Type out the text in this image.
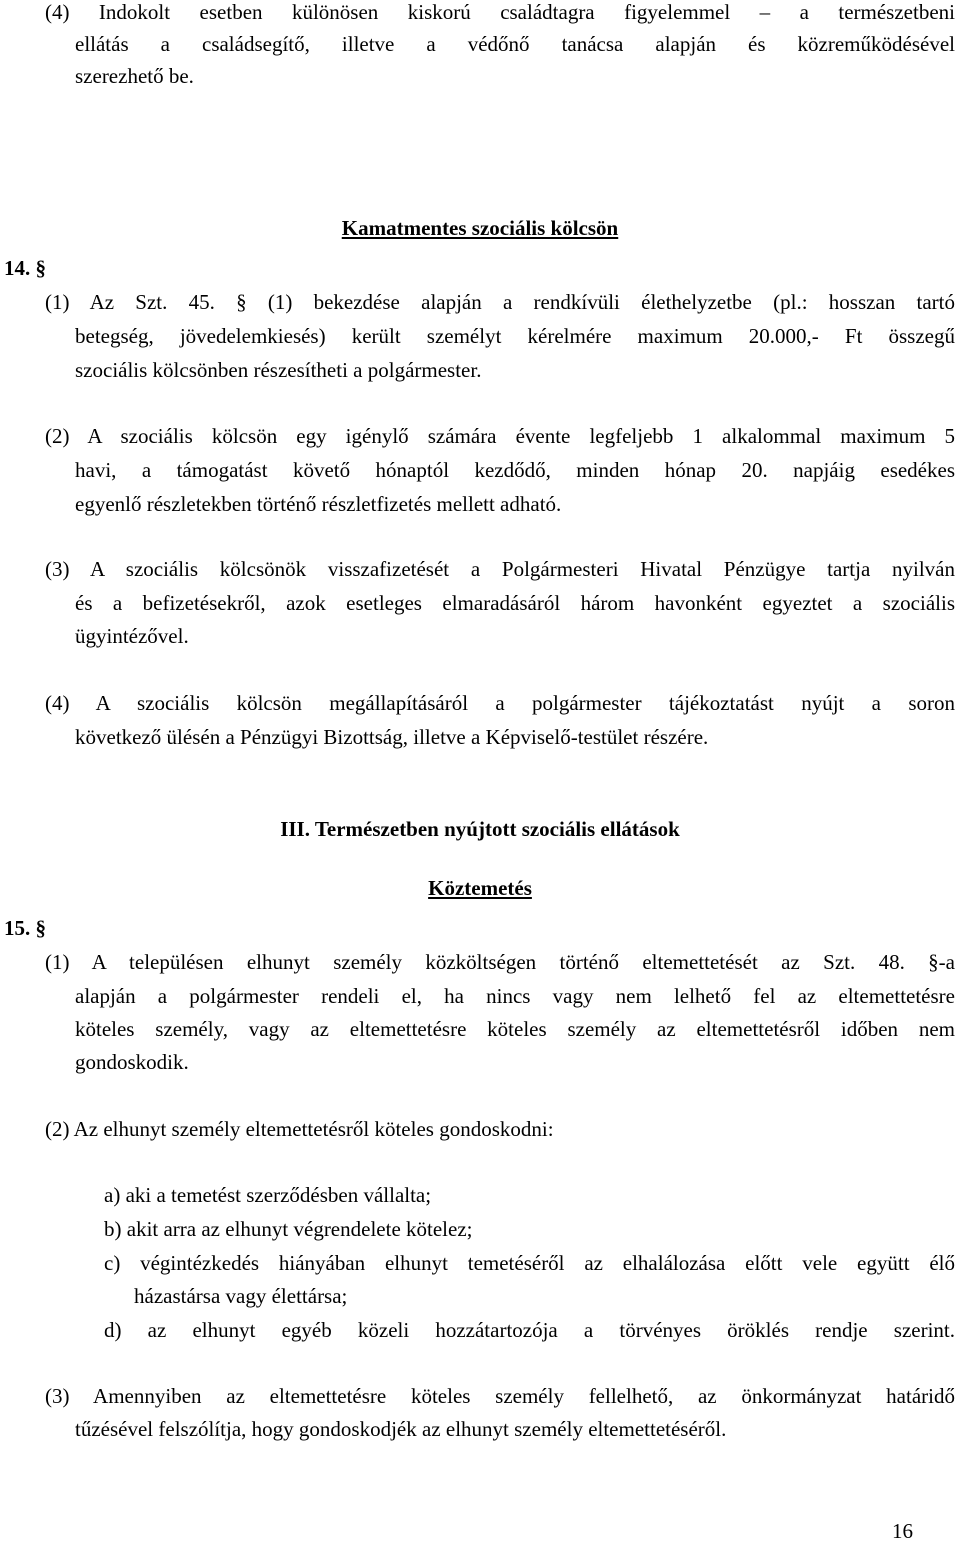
(4) Indokolt esetben különösen kiskorú családtagra figyelemmel – a természetbeni
ellátás a családsegítő, illetve a védőnő tanácsa alapján és közreműködésével
szerezhető be.
Kamatmentes szociális kölcsön
14. §
(1) Az Szt. 45. § (1) bekezdése alapján a rendkívüli élethelyzetbe (pl.: hosszan tartó
betegség, jövedelemkiesés) került személyt kérelmére maximum 20.000,- Ft összegű
szociális kölcsönben részesítheti a polgármester.
(2) A szociális kölcsön egy igénylő számára évente legfeljebb 1 alkalommal maximum 5
havi, a támogatást követő hónaptól kezdődő, minden hónap 20. napjáig esedékes
egyenlő részletekben történő részletfizetés mellett adható.
(3) A szociális kölcsönök visszafizetését a Polgármesteri Hivatal Pénzügye tartja nyilván
és a befizetésekről, azok esetleges elmaradásáról három havonként egyeztet a szociális
ügyintézővel.
(4) A szociális kölcsön megállapításáról a polgármester tájékoztatást nyújt a soron
következő ülésén a Pénzügyi Bizottság, illetve a Képviselő-testület részére.
III. Természetben nyújtott szociális ellátások
Köztemetés
15. §
(1) A településen elhunyt személy közköltségen történő eltemettetését az Szt. 48. §-a
alapján a polgármester rendeli el, ha nincs vagy nem lelhető fel az eltemettetésre
köteles személy, vagy az eltemettetésre köteles személy az eltemettetésről időben nem
gondoskodik.
(2) Az elhunyt személy eltemettetésről köteles gondoskodni:
a) aki a temetést szerződésben vállalta;
b) akit arra az elhunyt végrendelete kötelez;
c) végintézkedés hiányában elhunyt temetéséről az elhalálozása előtt vele együtt élő
házastársa vagy élettársa;
d) az elhunyt egyéb közeli hozzátartozója a törvényes öröklés rendje szerint.
(3) Amennyiben az eltemettetésre köteles személy fellelhető, az önkormányzat határidő
tűzésével felszólítja, hogy gondoskodjék az elhunyt személy eltemettetéséről.
16
